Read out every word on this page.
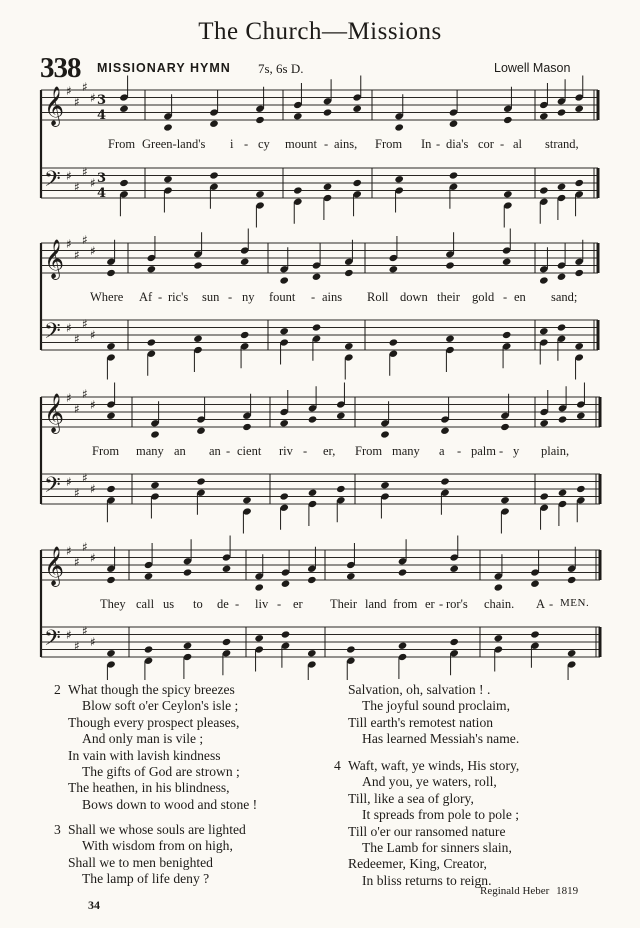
The Church—Missions
338 MISSIONARY HYMN 7s, 6s D.	Lowell Mason
𝄞 ♯
♯
♯
♯ 3
4
𝄢 ♯
♯
♯
♯ 3
4
𝄞 ♯
♯
♯
♯
𝄢 ♯
♯
♯
♯
𝄞 ♯
♯
♯
♯
𝄢 ♯
♯
♯
♯
𝄞 ♯
♯
♯
♯
𝄢 ♯
♯
♯
♯
From Green-land's i - cy mount - ains, From In - dia's cor - al strand,
Where Af - ric's sun - ny fount - ains Roll down their gold - en sand;
From many an an - cient riv - er, From many a - palm - y plain,
They call us to de - liv - er Their land from er - ror's chain. A - MEN.
2 What though the spicy breezes
Blow soft o'er Ceylon's isle ;
Though every prospect pleases,
And only man is vile ;
In vain with lavish kindness
The gifts of God are strown ;
The heathen, in his blindness,
Bows down to wood and stone !
3 Shall we whose souls are lighted
With wisdom from on high,
Shall we to men benighted
The lamp of life deny ?
Salvation, oh, salvation ! .
The joyful sound proclaim,
Till earth's remotest nation
Has learned Messiah's name.
4 Waft, waft, ye winds, His story,
And you, ye waters, roll,
Till, like a sea of glory,
It spreads from pole to pole ;
Till o'er our ransomed nature
The Lamb for sinners slain,
Redeemer, King, Creator,
In bliss returns to reign.
Reginald Heber 1819
34
